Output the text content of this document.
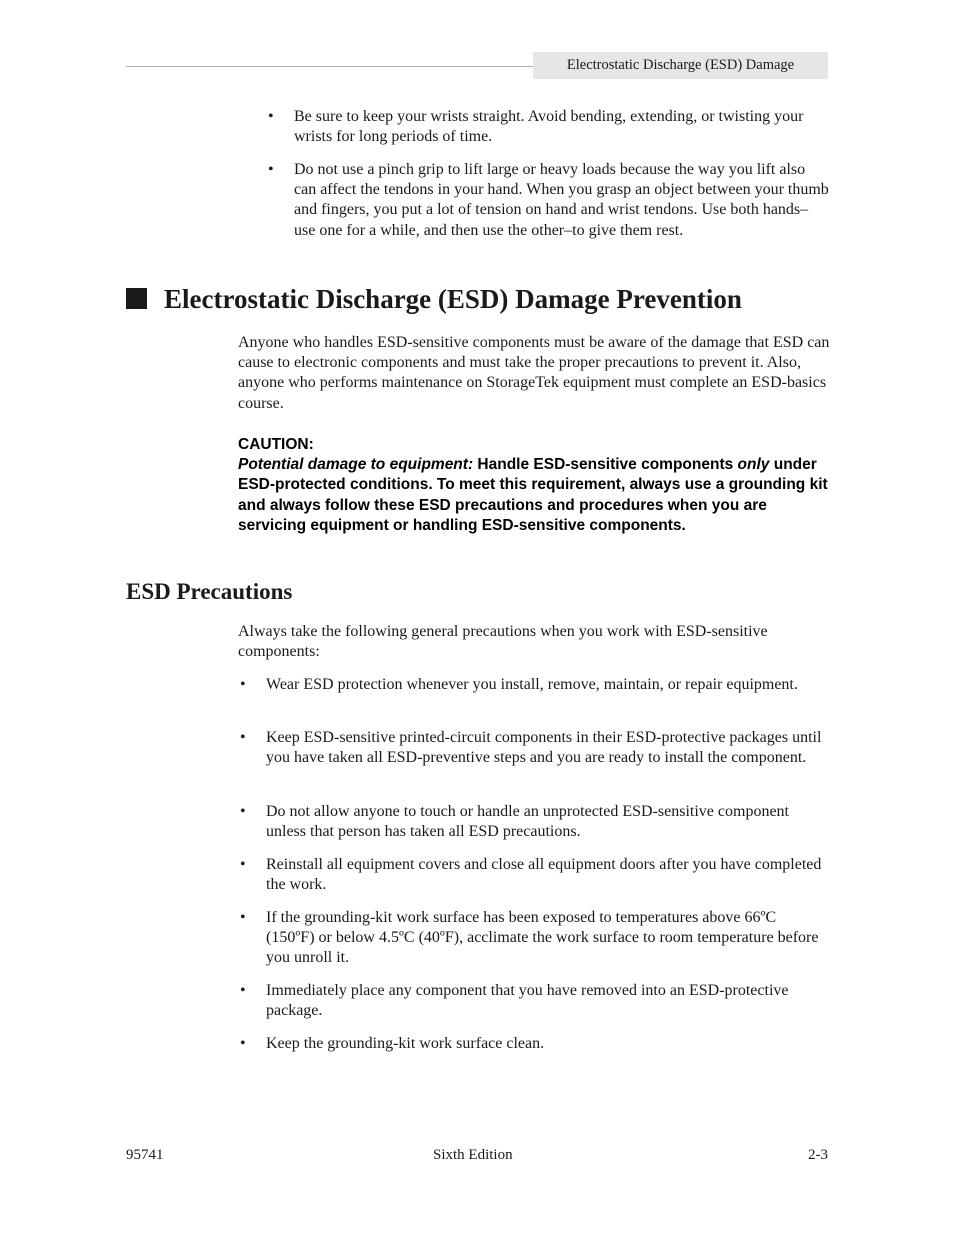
Electrostatic Discharge (ESD) Damage
• Be sure to keep your wrists straight. Avoid bending, extending, or twisting your wrists for long periods of time.
• Do not use a pinch grip to lift large or heavy loads because the way you lift also can affect the tendons in your hand. When you grasp an object between your thumb and fingers, you put a lot of tension on hand and wrist tendons. Use both hands–use one for a while, and then use the other–to give them rest.
Electrostatic Discharge (ESD) Damage Prevention
Anyone who handles ESD-sensitive components must be aware of the damage that ESD can cause to electronic components and must take the proper precautions to prevent it. Also, anyone who performs maintenance on StorageTek equipment must complete an ESD-basics course.
CAUTION:
Potential damage to equipment: Handle ESD-sensitive components only under ESD-protected conditions. To meet this requirement, always use a grounding kit and always follow these ESD precautions and procedures when you are servicing equipment or handling ESD-sensitive components.
ESD Precautions
Always take the following general precautions when you work with ESD-sensitive components:
• Wear ESD protection whenever you install, remove, maintain, or repair equipment.
• Keep ESD-sensitive printed-circuit components in their ESD-protective packages until you have taken all ESD-preventive steps and you are ready to install the component.
• Do not allow anyone to touch or handle an unprotected ESD-sensitive component unless that person has taken all ESD precautions.
• Reinstall all equipment covers and close all equipment doors after you have completed the work.
• If the grounding-kit work surface has been exposed to temperatures above 66ºC (150ºF) or below 4.5ºC (40ºF), acclimate the work surface to room temperature before you unroll it.
• Immediately place any component that you have removed into an ESD-protective package.
• Keep the grounding-kit work surface clean.
95741	Sixth Edition	2-3
